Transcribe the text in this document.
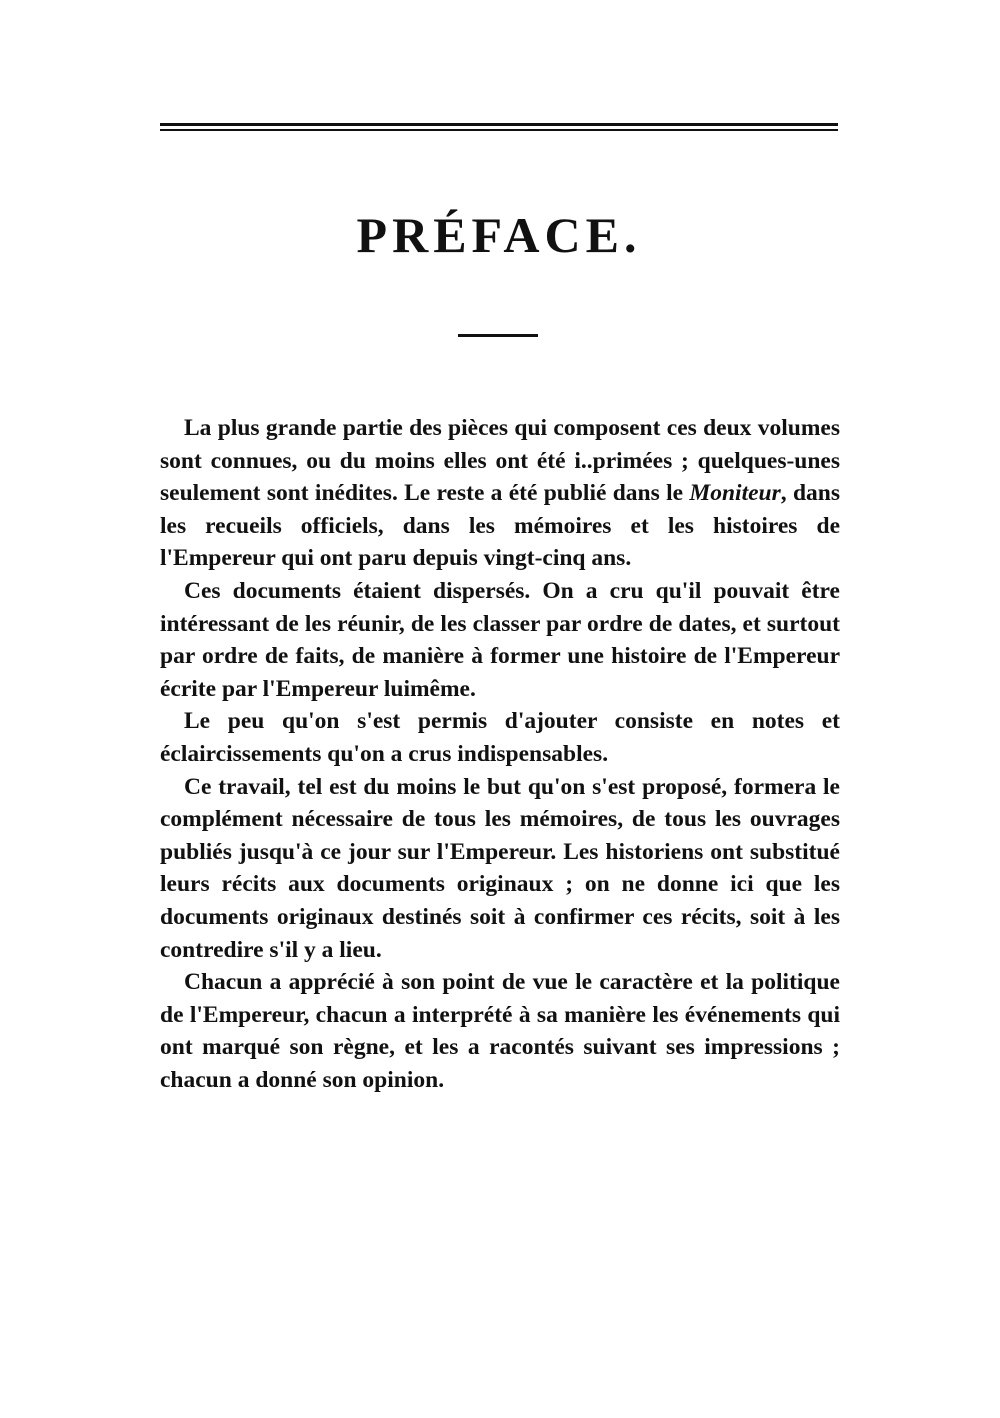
PRÉFACE.

La plus grande partie des pièces qui composent ces deux volumes sont connues, ou du moins elles ont été i..primées ; quelques-unes seulement sont inédites. Le reste a été publié dans le Moniteur, dans les recueils officiels, dans les mémoires et les histoires de l'Empereur qui ont paru depuis vingt-cinq ans.

Ces documents étaient dispersés. On a cru qu'il pouvait être intéressant de les réunir, de les classer par ordre de dates, et surtout par ordre de faits, de manière à former une histoire de l'Empereur écrite par l'Empereur luimême.

Le peu qu'on s'est permis d'ajouter consiste en notes et éclaircissements qu'on a crus indispensables.

Ce travail, tel est du moins le but qu'on s'est proposé, formera le complément nécessaire de tous les mémoires, de tous les ouvrages publiés jusqu'à ce jour sur l'Empereur. Les historiens ont substitué leurs récits aux documents originaux ; on ne donne ici que les documents originaux destinés soit à confirmer ces récits, soit à les contredire s'il y a lieu.

Chacun a apprécié à son point de vue le caractère et la politique de l'Empereur, chacun a interprété à sa manière les événements qui ont marqué son règne, et les a racontés suivant ses impressions ; chacun a donné son opinion.
